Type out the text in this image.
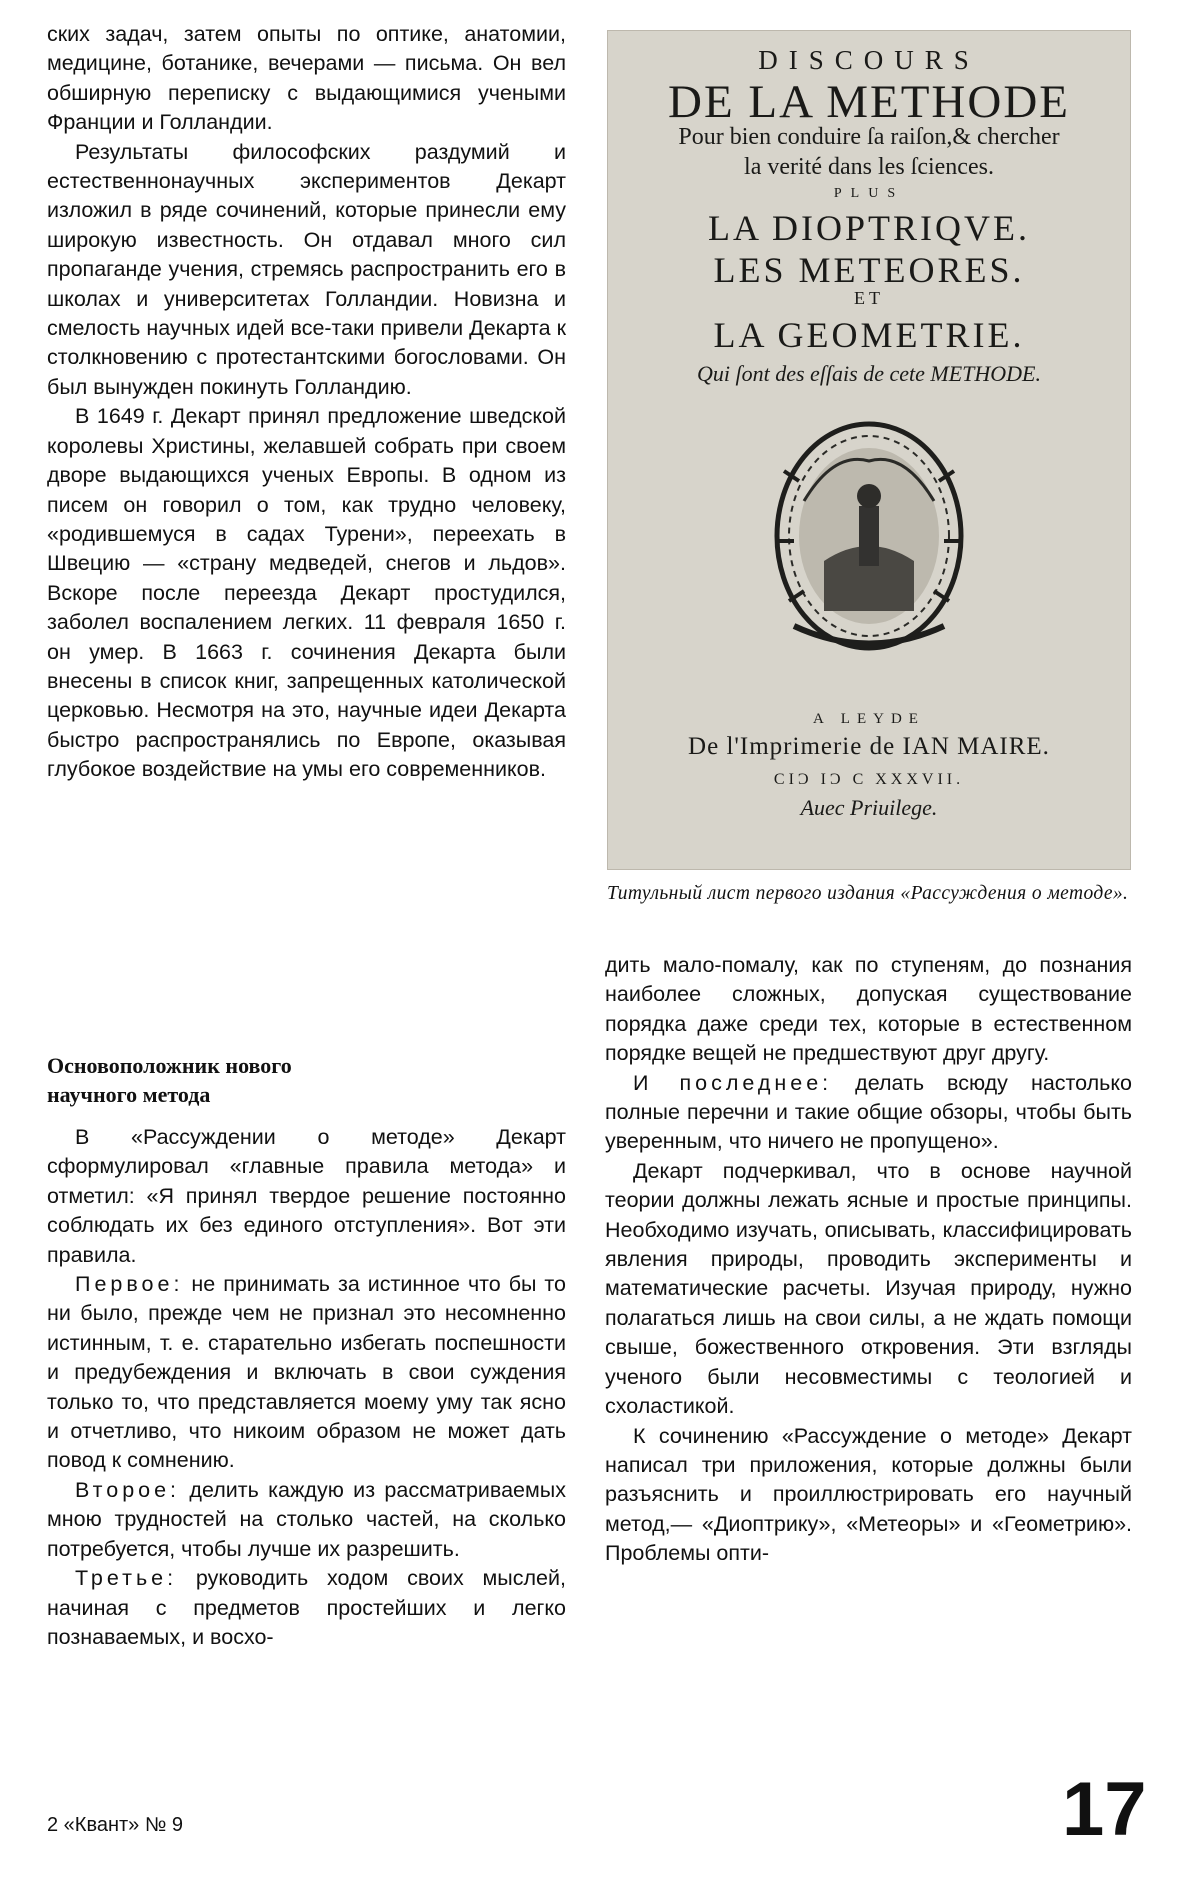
ских задач, затем опыты по оптике, анатомии, медицине, ботанике, вечерами — письма. Он вел обширную переписку с выдающимися учеными Франции и Голландии.

Результаты философских раздумий и естественнонаучных экспериментов Декарт изложил в ряде сочинений, которые принесли ему широкую известность. Он отдавал много сил пропаганде учения, стремясь распространить его в школах и университетах Голландии. Новизна и смелость научных идей все-таки привели Декарта к столкновению с протестантскими богословами. Он был вынужден покинуть Голландию.

В 1649 г. Декарт принял предложение шведской королевы Христины, желавшей собрать при своем дворе выдающихся ученых Европы. В одном из писем он говорил о том, как трудно человеку, «родившемуся в садах Турени», переехать в Швецию — «страну медведей, снегов и льдов». Вскоре после переезда Декарт простудился, заболел воспалением легких. 11 февраля 1650 г. он умер. В 1663 г. сочинения Декарта были внесены в список книг, запрещенных католической церковью. Несмотря на это, научные идеи Декарта быстро распространялись по Европе, оказывая глубокое воздействие на умы его современников.

Основоположник нового
научного метода

В «Рассуждении о методе» Декарт сформулировал «главные правила метода» и отметил: «Я принял твердое решение постоянно соблюдать их без единого отступления». Вот эти правила.

Первое: не принимать за истинное что бы то ни было, прежде чем не признал это несомненно истинным, т. е. старательно избегать поспешности и предубеждения и включать в свои суждения только то, что представляется моему уму так ясно и отчетливо, что никоим образом не может дать повод к сомнению.

Второе: делить каждую из рассматриваемых мною трудностей на столько частей, на сколько потребуется, чтобы лучше их разрешить.

Третье: руководить ходом своих мыслей, начиная с предметов простейших и легко познаваемых, и восхо-

DISCOURS
DE LA METHODE
Pour bien conduire ſa raiſon,& chercher
la verité dans les ſciences.
PLUS
LA DIOPTRIQVE.
LES METEORES.
ET
LA GEOMETRIE.
Qui ſont des eſſais de cete METHODE.
A LEYDE
De l'Imprimerie de IAN MAIRE.
CIƆ IƆ C XXXVII.
Auec Priuilege.
Титульный лист первого издания «Рассуждения о методе».

дить мало-помалу, как по ступеням, до познания наиболее сложных, допуская существование порядка даже среди тех, которые в естественном порядке вещей не предшествуют друг другу.

И последнее: делать всюду настолько полные перечни и такие общие обзоры, чтобы быть уверенным, что ничего не пропущено».

Декарт подчеркивал, что в основе научной теории должны лежать ясные и простые принципы. Необходимо изучать, описывать, классифицировать явления природы, проводить эксперименты и математические расчеты. Изучая природу, нужно полагаться лишь на свои силы, а не ждать помощи свыше, божественного откровения. Эти взгляды ученого были несовместимы с теологией и схоластикой.

К сочинению «Рассуждение о методе» Декарт написал три приложения, которые должны были разъяснить и проиллюстрировать его научный метод,— «Диоптрику», «Метеоры» и «Геометрию». Проблемы опти-

2 «Квант» № 9	17
